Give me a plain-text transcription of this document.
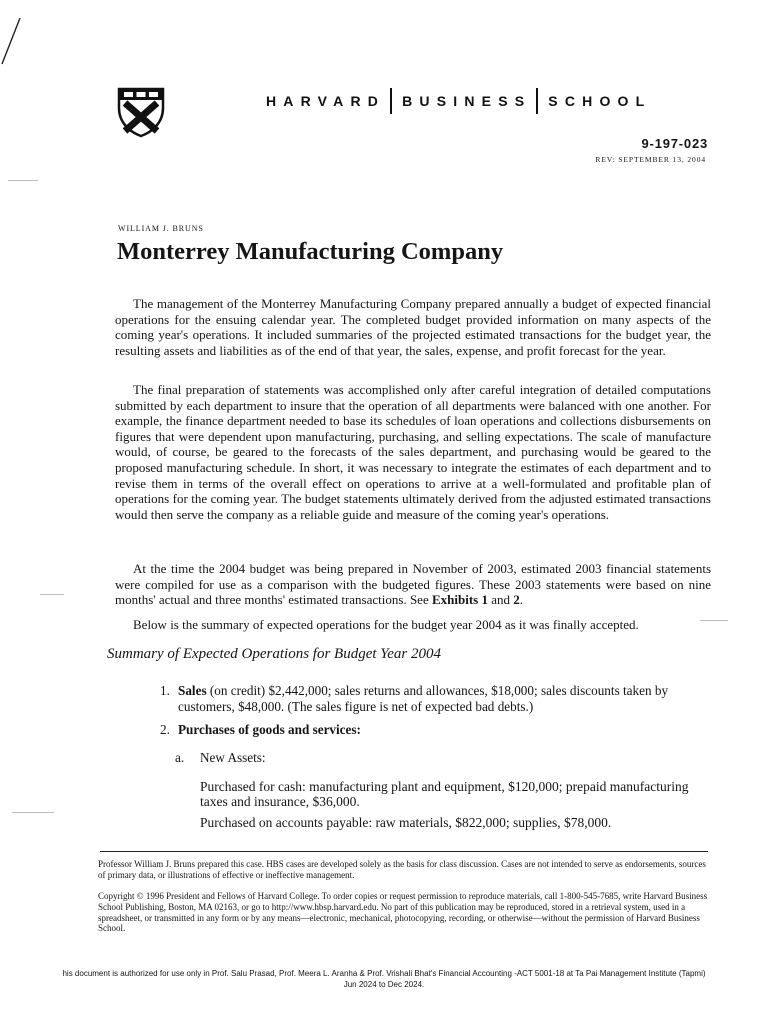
HARVARD BUSINESS SCHOOL
9-197-023
REV: SEPTEMBER 13, 2004
WILLIAM J. BRUNS
Monterrey Manufacturing Company

The management of the Monterrey Manufacturing Company prepared annually a budget of expected financial operations for the ensuing calendar year. The completed budget provided information on many aspects of the coming year's operations. It included summaries of the projected estimated transactions for the budget year, the resulting assets and liabilities as of the end of that year, the sales, expense, and profit forecast for the year.

The final preparation of statements was accomplished only after careful integration of detailed computations submitted by each department to insure that the operation of all departments were balanced with one another. For example, the finance department needed to base its schedules of loan operations and collections disbursements on figures that were dependent upon manufacturing, purchasing, and selling expectations. The scale of manufacture would, of course, be geared to the forecasts of the sales department, and purchasing would be geared to the proposed manufacturing schedule. In short, it was necessary to integrate the estimates of each department and to revise them in terms of the overall effect on operations to arrive at a well-formulated and profitable plan of operations for the coming year. The budget statements ultimately derived from the adjusted estimated transactions would then serve the company as a reliable guide and measure of the coming year's operations.

At the time the 2004 budget was being prepared in November of 2003, estimated 2003 financial statements were compiled for use as a comparison with the budgeted figures. These 2003 statements were based on nine months' actual and three months' estimated transactions. See Exhibits 1 and 2.

Below is the summary of expected operations for the budget year 2004 as it was finally accepted.

Summary of Expected Operations for Budget Year 2004
1. Sales (on credit) $2,442,000; sales returns and allowances, $18,000; sales discounts taken by customers, $48,000. (The sales figure is net of expected bad debts.)
2. Purchases of goods and services:
a. New Assets:

Purchased for cash: manufacturing plant and equipment, $120,000; prepaid manufacturing taxes and insurance, $36,000.

Purchased on accounts payable: raw materials, $822,000; supplies, $78,000.

Professor William J. Bruns prepared this case. HBS cases are developed solely as the basis for class discussion. Cases are not intended to serve as endorsements, sources of primary data, or illustrations of effective or ineffective management.

Copyright © 1996 President and Fellows of Harvard College. To order copies or request permission to reproduce materials, call 1-800-545-7685, write Harvard Business School Publishing, Boston, MA 02163, or go to http://www.hbsp.harvard.edu. No part of this publication may be reproduced, stored in a retrieval system, used in a spreadsheet, or transmitted in any form or by any means—electronic, mechanical, photocopying, recording, or otherwise—without the permission of Harvard Business School.

his document is authorized for use only in Prof. Salu Prasad, Prof. Meera L. Aranha & Prof. Vrishali Bhat's Financial Accounting -ACT 5001-18 at Ta Pai Management Institute (Tapmi)
Jun 2024 to Dec 2024.
